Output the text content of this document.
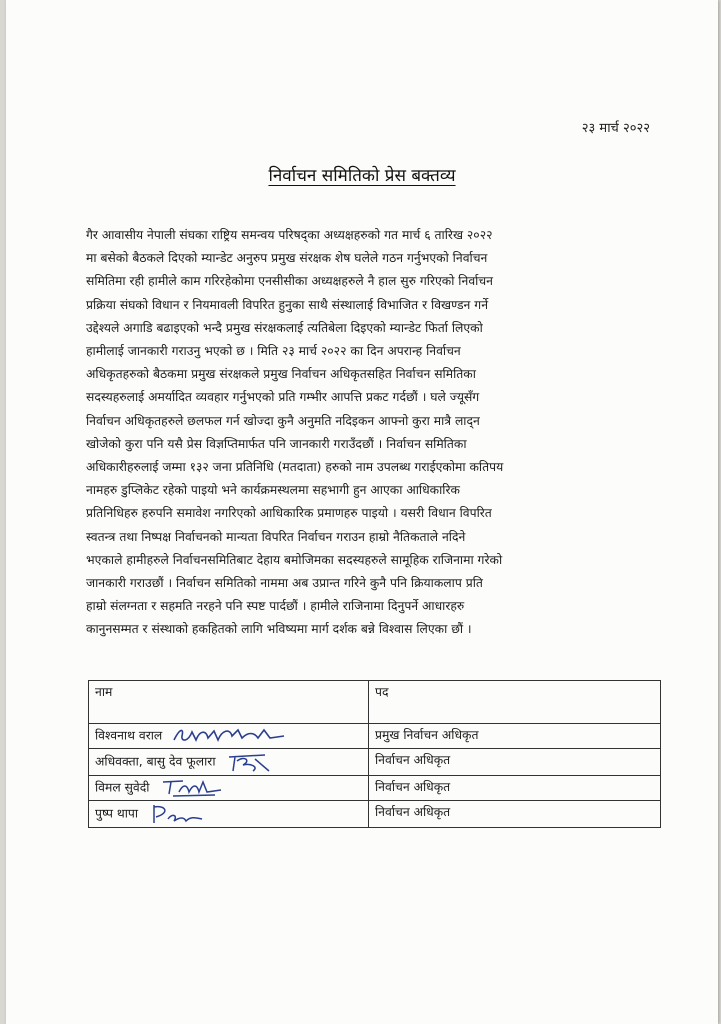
२३ मार्च २०२२
निर्वाचन समितिको प्रेस बक्तव्य
गैर आवासीय नेपाली संघका राष्ट्रिय समन्वय परिषद्का अध्यक्षहरुको गत मार्च ६ तारिख २०२२
मा बसेको बैठकले दिएको म्यान्डेट अनुरुप प्रमुख संरक्षक शेष घलेले गठन गर्नुभएको निर्वाचन
समितिमा रही हामीले काम गरिरहेकोमा एनसीसीका अध्यक्षहरुले नै हाल सुरु गरिएको निर्वाचन
प्रक्रिया संघको विधान र नियमावली विपरित हुनुका साथै संस्थालाई विभाजित र विखण्डन गर्ने
उद्देश्यले अगाडि बढाइएको भन्दै प्रमुख संरक्षकलाई त्यतिबेला दिइएको म्यान्डेट फिर्ता लिएको
हामीलाई जानकारी गराउनु भएको छ । मिति २३ मार्च २०२२ का दिन अपरान्ह निर्वाचन
अधिकृतहरुको बैठकमा प्रमुख संरक्षकले प्रमुख निर्वाचन अधिकृतसहित निर्वाचन समितिका
सदस्यहरुलाई अमर्यादित व्यवहार गर्नुभएको प्रति गम्भीर आपत्ति प्रकट गर्दछौं । घले ज्यूसँग
निर्वाचन अधिकृतहरुले छलफल गर्न खोज्दा कुनै अनुमति नदिइकन आफ्नो कुरा मात्रै लाद्न
खोजेको कुरा पनि यसै प्रेस विज्ञप्तिमार्फत पनि जानकारी गराउँदछौं । निर्वाचन समितिका
अधिकारीहरुलाई जम्मा १३२ जना प्रतिनिधि (मतदाता) हरुको नाम उपलब्ध गराईएकोमा कतिपय
नामहरु डुप्लिकेट रहेको पाइयो भने कार्यक्रमस्थलमा सहभागी हुन आएका आधिकारिक
प्रतिनिधिहरु हरुपनि समावेश नगरिएको आधिकारिक प्रमाणहरु पाइयो । यसरी विधान विपरित
स्वतन्त्र तथा निष्पक्ष निर्वाचनको मान्यता विपरित निर्वाचन गराउन हाम्रो नैतिकताले नदिने
भएकाले हामीहरुले निर्वाचनसमितिबाट देहाय बमोजिमका सदस्यहरुले सामूहिक राजिनामा गरेको
जानकारी गराउछौं । निर्वाचन समितिको नाममा अब उप्रान्त गरिने कुनै पनि क्रियाकलाप प्रति
हाम्रो संलग्नता र सहमति नरहने पनि स्पष्ट पार्दछौं । हामीले राजिनामा दिनुपर्ने आधारहरु
कानुनसम्मत र संस्थाको हकहितको लागि भविष्यमा मार्ग दर्शक बन्ने विश्वास लिएका छौं ।
नाम	पद
विश्वनाथ वराल	प्रमुख निर्वाचन अधिकृत
अधिवक्ता, बासु देव फूलारा	निर्वाचन अधिकृत
विमल सुवेदी	निर्वाचन अधिकृत
पुष्प थापा	निर्वाचन अधिकृत
